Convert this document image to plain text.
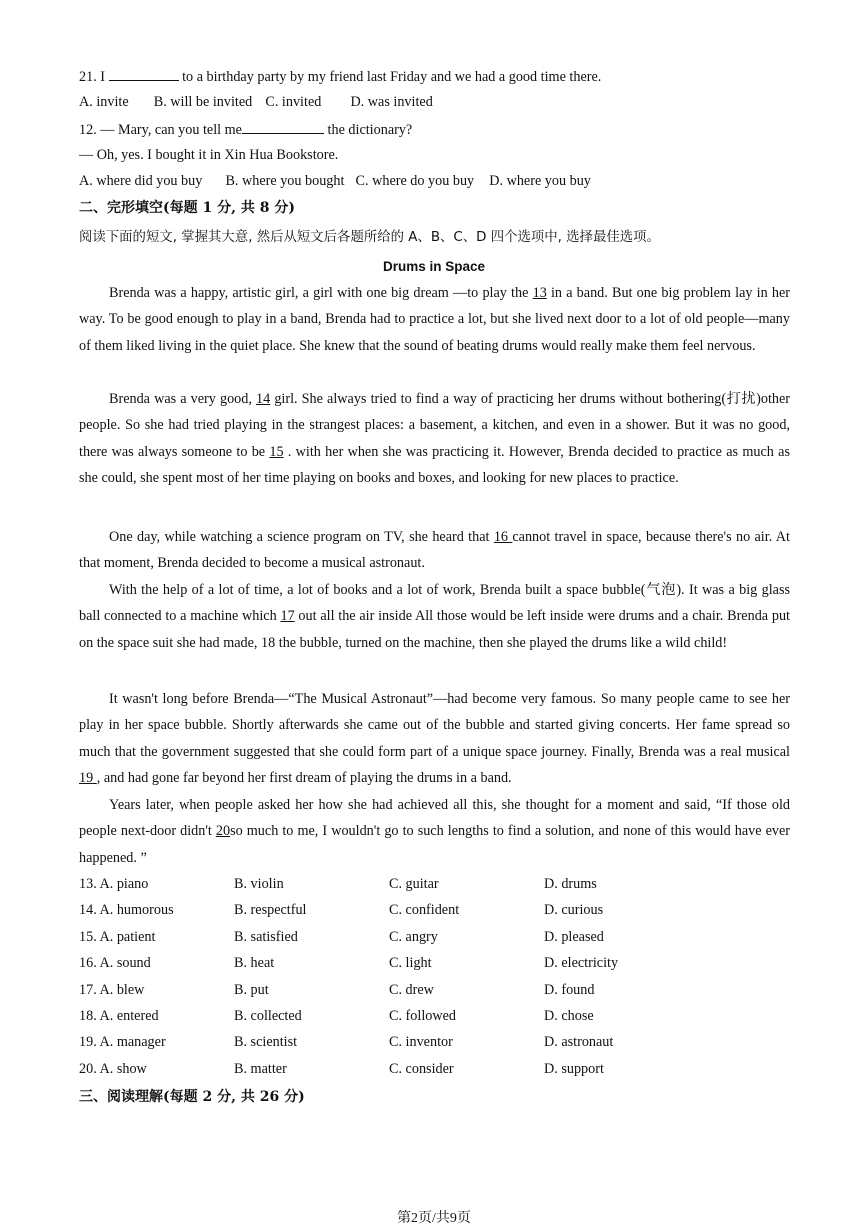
21. I	to a birthday party by my friend last Friday and we had a good time there.
A. invite B. will be invited C. invited D. was invited
12. — Mary, can you tell me	the dictionary?
— Oh, yes. I bought it in Xin Hua Bookstore.
A. where did you buy B. where you bought C. where do you buy D. where you buy
二、完形填空(每题 1 分, 共 8 分)
阅读下面的短文, 掌握其大意, 然后从短文后各题所给的 A、B、C、D 四个选项中, 选择最佳选项。
Drums in Space

Brenda was a happy, artistic girl, a girl with one big dream —to play the 13 in a band. But one big problem lay in her way. To be good enough to play in a band, Brenda had to practice a lot, but she lived next door to a lot of old people—many of them liked living in the quiet place. She knew that the sound of beating drums would really make them feel nervous.

Brenda was a very good, 14 girl. She always tried to find a way of practicing her drums without bothering(打扰)other people. So she had tried playing in the strangest places: a basement, a kitchen, and even in a shower. But it was no good, there was always someone to be 15 . with her when she was practicing it. However, Brenda decided to practice as much as she could, she spent most of her time playing on books and boxes, and looking for new places to practice.

One day, while watching a science program on TV, she heard that 16 cannot travel in space, because there's no air. At that moment, Brenda decided to become a musical astronaut.

With the help of a lot of time, a lot of books and a lot of work, Brenda built a space bubble(气泡). It was a big glass ball connected to a machine which 17 out all the air inside All those would be left inside were drums and a chair. Brenda put on the space suit she had made, 18 the bubble, turned on the machine, then she played the drums like a wild child!

It wasn't long before Brenda—“The Musical Astronaut”—had become very famous. So many people came to see her play in her space bubble. Shortly afterwards she came out of the bubble and started giving concerts. Her fame spread so much that the government suggested that she could form part of a unique space journey. Finally, Brenda was a real musical 19 , and had gone far beyond her first dream of playing the drums in a band.

Years later, when people asked her how she had achieved all this, she thought for a moment and said, “If those old people next-door didn't 20so much to me, I wouldn't go to such lengths to find a solution, and none of this would have ever happened. ”

13. A. piano	B. violin	C. guitar	D. drums
14. A. humorous	B. respectful	C. confident	D. curious
15. A. patient	B. satisfied	C. angry	D. pleased
16. A. sound	B. heat	C. light	D. electricity
17. A. blew	B. put	C. drew	D. found
18. A. entered	B. collected	C. followed	D. chose
19. A. manager	B. scientist	C. inventor	D. astronaut
20. A. show	B. matter	C. consider	D. support
三、阅读理解(每题 2 分, 共 26 分)
第2页/共9页
